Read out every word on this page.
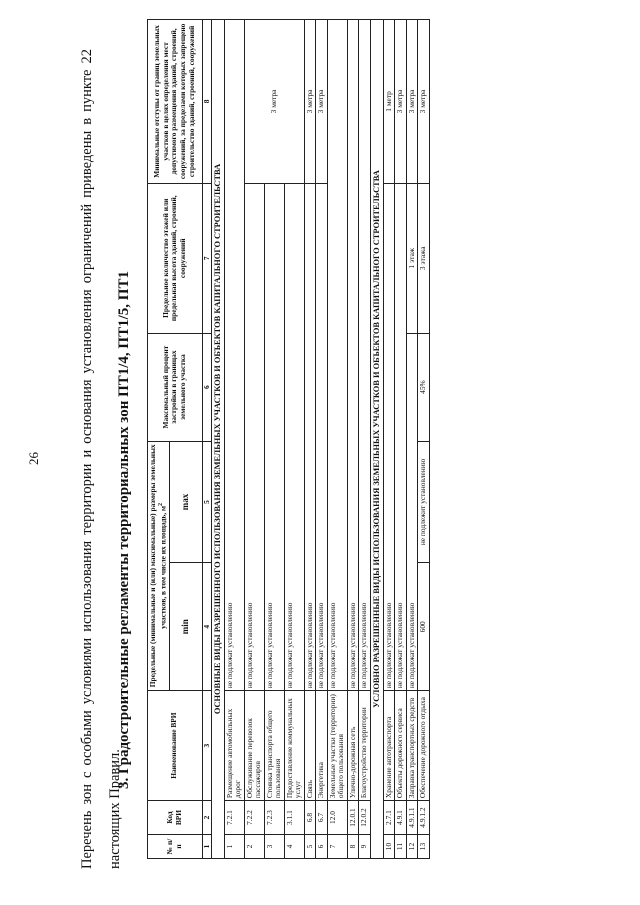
26	Перечень зон с особыми условиями использования территории и основания установления ограничений приведены в пункте 22 настоящих Правил.
3. Градостроительные регламенты территориальных зон ПТ1/4, ПТ1/5, ПТ1
№ п/п	Код ВРИ	Наименование ВРИ	Предельные (минимальные и (или) максимальные) размеры земельных участков, в том числе их площадь, $м^2$		Максимальный процент застройки в границах земельного участка	Предельное количество этажей или предельная высота зданий, строений, сооружений	Минимальные отступы от границ земельных участков в целях определения мест допустимого размещения зданий, строений, сооружений, за пределами которых запрещено строительство зданий, строений, сооружений
			min	max			
1	2	3	4	5	6	7	8
ОСНОВНЫЕ ВИДЫ РАЗРЕШЕННОГО ИСПОЛЬЗОВАНИЯ ЗЕМЕЛЬНЫХ УЧАСТКОВ И ОБЪЕКТОВ КАПИТАЛЬНОГО СТРОИТЕЛЬСТВА							
1	7.2.1	Размещение автомобильных дорог	не подлежат установлению				
2	7.2.2	Обслуживание перевозок пассажиров	не подлежат установлению				3 метра
3	7.2.3	Стоянка транспорта общего пользования	не подлежат установлению				
4	3.1.1	Предоставление коммунальных услуг	не подлежат установлению				
5	6.8	Связь	не подлежат установлению				3 метра
6	6.7	Энергетика	не подлежат установлению				3 метра
7	12.0	Земельные участки (территории) общего пользования	не подлежат установлению				
8	12.0.1	Улично-дорожная сеть	не подлежат установлению				
9	12.0.2	Благоустройство территории	не подлежат установлению				
УСЛОВНО РАЗРЕШЕННЫЕ ВИДЫ ИСПОЛЬЗОВАНИЯ ЗЕМЕЛЬНЫХ УЧАСТКОВ И ОБЪЕКТОВ КАПИТАЛЬНОГО СТРОИТЕЛЬСТВА							
10	2.7.1	Хранение автотранспорта	не подлежат установлению				1 метр
11	4.9.1	Объекты дорожного сервиса	не подлежат установлению				3 метра
12	4.9.1.1	Заправка транспортных средств	не подлежат установлению			1 этаж	3 метра
13	4.9.1.2	Обеспечение дорожного отдыха	600	не подлежит установлению	45%	3 этажа	3 метра
